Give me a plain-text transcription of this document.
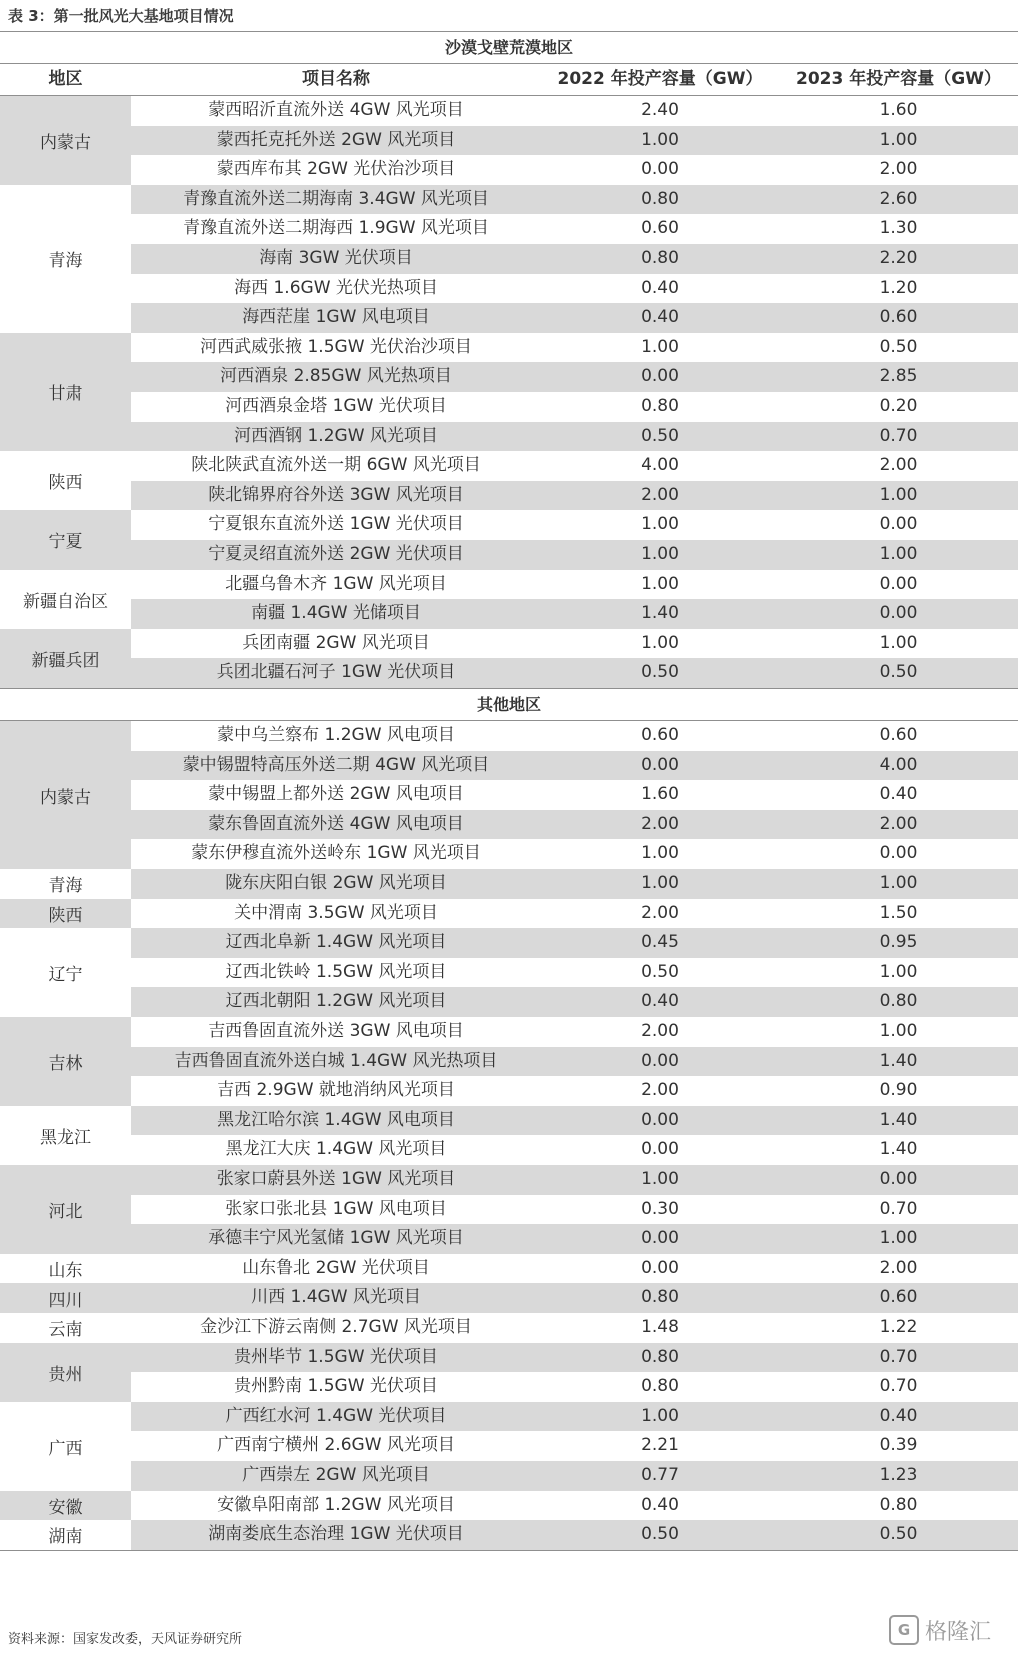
表 3：第一批风光大基地项目情况
沙漠戈壁荒漠地区
地区	项目名称	2022 年投产容量（GW）	2023 年投产容量（GW）
内蒙古
蒙西昭沂直流外送 4GW 风光项目	2.40	1.60
蒙西托克托外送 2GW 风光项目	1.00	1.00
蒙西库布其 2GW 光伏治沙项目	0.00	2.00
青海
青豫直流外送二期海南 3.4GW 风光项目	0.80	2.60
青豫直流外送二期海西 1.9GW 风光项目	0.60	1.30
海南 3GW 光伏项目	0.80	2.20
海西 1.6GW 光伏光热项目	0.40	1.20
海西茫崖 1GW 风电项目	0.40	0.60
甘肃
河西武威张掖 1.5GW 光伏治沙项目	1.00	0.50
河西酒泉 2.85GW 风光热项目	0.00	2.85
河西酒泉金塔 1GW 光伏项目	0.80	0.20
河西酒钢 1.2GW 风光项目	0.50	0.70
陕西
陕北陕武直流外送一期 6GW 风光项目	4.00	2.00
陕北锦界府谷外送 3GW 风光项目	2.00	1.00
宁夏
宁夏银东直流外送 1GW 光伏项目	1.00	0.00
宁夏灵绍直流外送 2GW 光伏项目	1.00	1.00
新疆自治区
北疆乌鲁木齐 1GW 风光项目	1.00	0.00
南疆 1.4GW 光储项目	1.40	0.00
新疆兵团
兵团南疆 2GW 风光项目	1.00	1.00
兵团北疆石河子 1GW 光伏项目	0.50	0.50
其他地区
内蒙古
蒙中乌兰察布 1.2GW 风电项目	0.60	0.60
蒙中锡盟特高压外送二期 4GW 风光项目	0.00	4.00
蒙中锡盟上都外送 2GW 风电项目	1.60	0.40
蒙东鲁固直流外送 4GW 风电项目	2.00	2.00
蒙东伊穆直流外送岭东 1GW 风光项目	1.00	0.00
青海	陇东庆阳白银 2GW 风光项目	1.00	1.00
陕西	关中渭南 3.5GW 风光项目	2.00	1.50
辽宁
辽西北阜新 1.4GW 风光项目	0.45	0.95
辽西北铁岭 1.5GW 风光项目	0.50	1.00
辽西北朝阳 1.2GW 风光项目	0.40	0.80
吉林
吉西鲁固直流外送 3GW 风电项目	2.00	1.00
吉西鲁固直流外送白城 1.4GW 风光热项目	0.00	1.40
吉西 2.9GW 就地消纳风光项目	2.00	0.90
黑龙江
黑龙江哈尔滨 1.4GW 风电项目	0.00	1.40
黑龙江大庆 1.4GW 风光项目	0.00	1.40
河北
张家口蔚县外送 1GW 风光项目	1.00	0.00
张家口张北县 1GW 风电项目	0.30	0.70
承德丰宁风光氢储 1GW 风光项目	0.00	1.00
山东	山东鲁北 2GW 光伏项目	0.00	2.00
四川	川西 1.4GW 风光项目	0.80	0.60
云南	金沙江下游云南侧 2.7GW 风光项目	1.48	1.22
贵州
贵州毕节 1.5GW 光伏项目	0.80	0.70
贵州黔南 1.5GW 光伏项目	0.80	0.70
广西
广西红水河 1.4GW 光伏项目	1.00	0.40
广西南宁横州 2.6GW 风光项目	2.21	0.39
广西崇左 2GW 风光项目	0.77	1.23
安徽	安徽阜阳南部 1.2GW 风光项目	0.40	0.80
湖南	湖南娄底生态治理 1GW 光伏项目	0.50	0.50
资料来源：国家发改委，天风证券研究所
G 格隆汇
